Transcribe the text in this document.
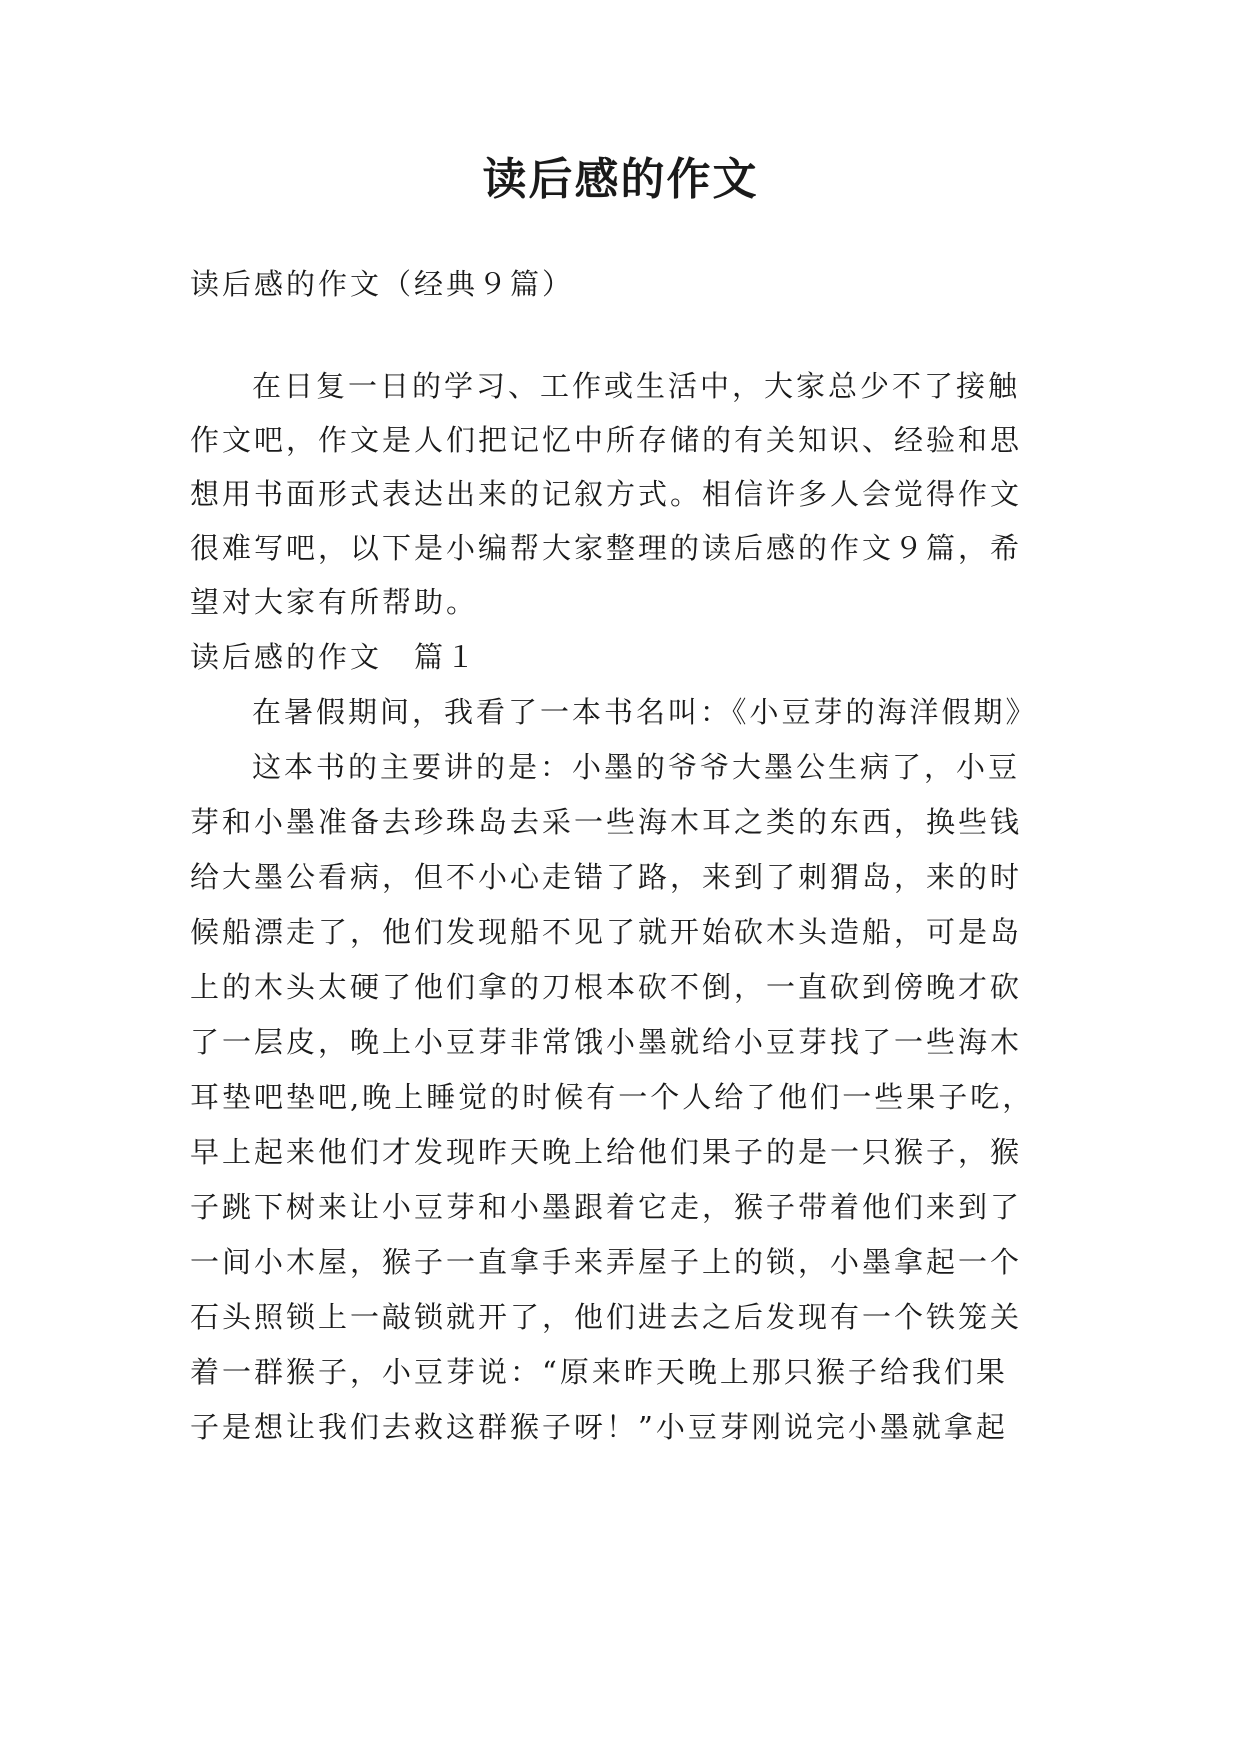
读后感的作文
读后感的作文（经典９篇）
在日复一日的学习、工作或生活中，大家总少不了接触
作文吧，作文是人们把记忆中所存储的有关知识、经验和思
想用书面形式表达出来的记叙方式。相信许多人会觉得作文
很难写吧，以下是小编帮大家整理的读后感的作文９篇，希
望对大家有所帮助。
读后感的作文　篇１
在暑假期间，我看了一本书名叫：《小豆芽的海洋假期》
这本书的主要讲的是：小墨的爷爷大墨公生病了，小豆
芽和小墨准备去珍珠岛去采一些海木耳之类的东西，换些钱
给大墨公看病，但不小心走错了路，来到了刺猬岛，来的时
候船漂走了，他们发现船不见了就开始砍木头造船，可是岛
上的木头太硬了他们拿的刀根本砍不倒，一直砍到傍晚才砍
了一层皮，晚上小豆芽非常饿小墨就给小豆芽找了一些海木
耳垫吧垫吧,晚上睡觉的时候有一个人给了他们一些果子吃，
早上起来他们才发现昨天晚上给他们果子的是一只猴子，猴
子跳下树来让小豆芽和小墨跟着它走，猴子带着他们来到了
一间小木屋，猴子一直拿手来弄屋子上的锁，小墨拿起一个
石头照锁上一敲锁就开了，他们进去之后发现有一个铁笼关
着一群猴子，小豆芽说：“原来昨天晚上那只猴子给我们果
子是想让我们去救这群猴子呀！”小豆芽刚说完小墨就拿起
